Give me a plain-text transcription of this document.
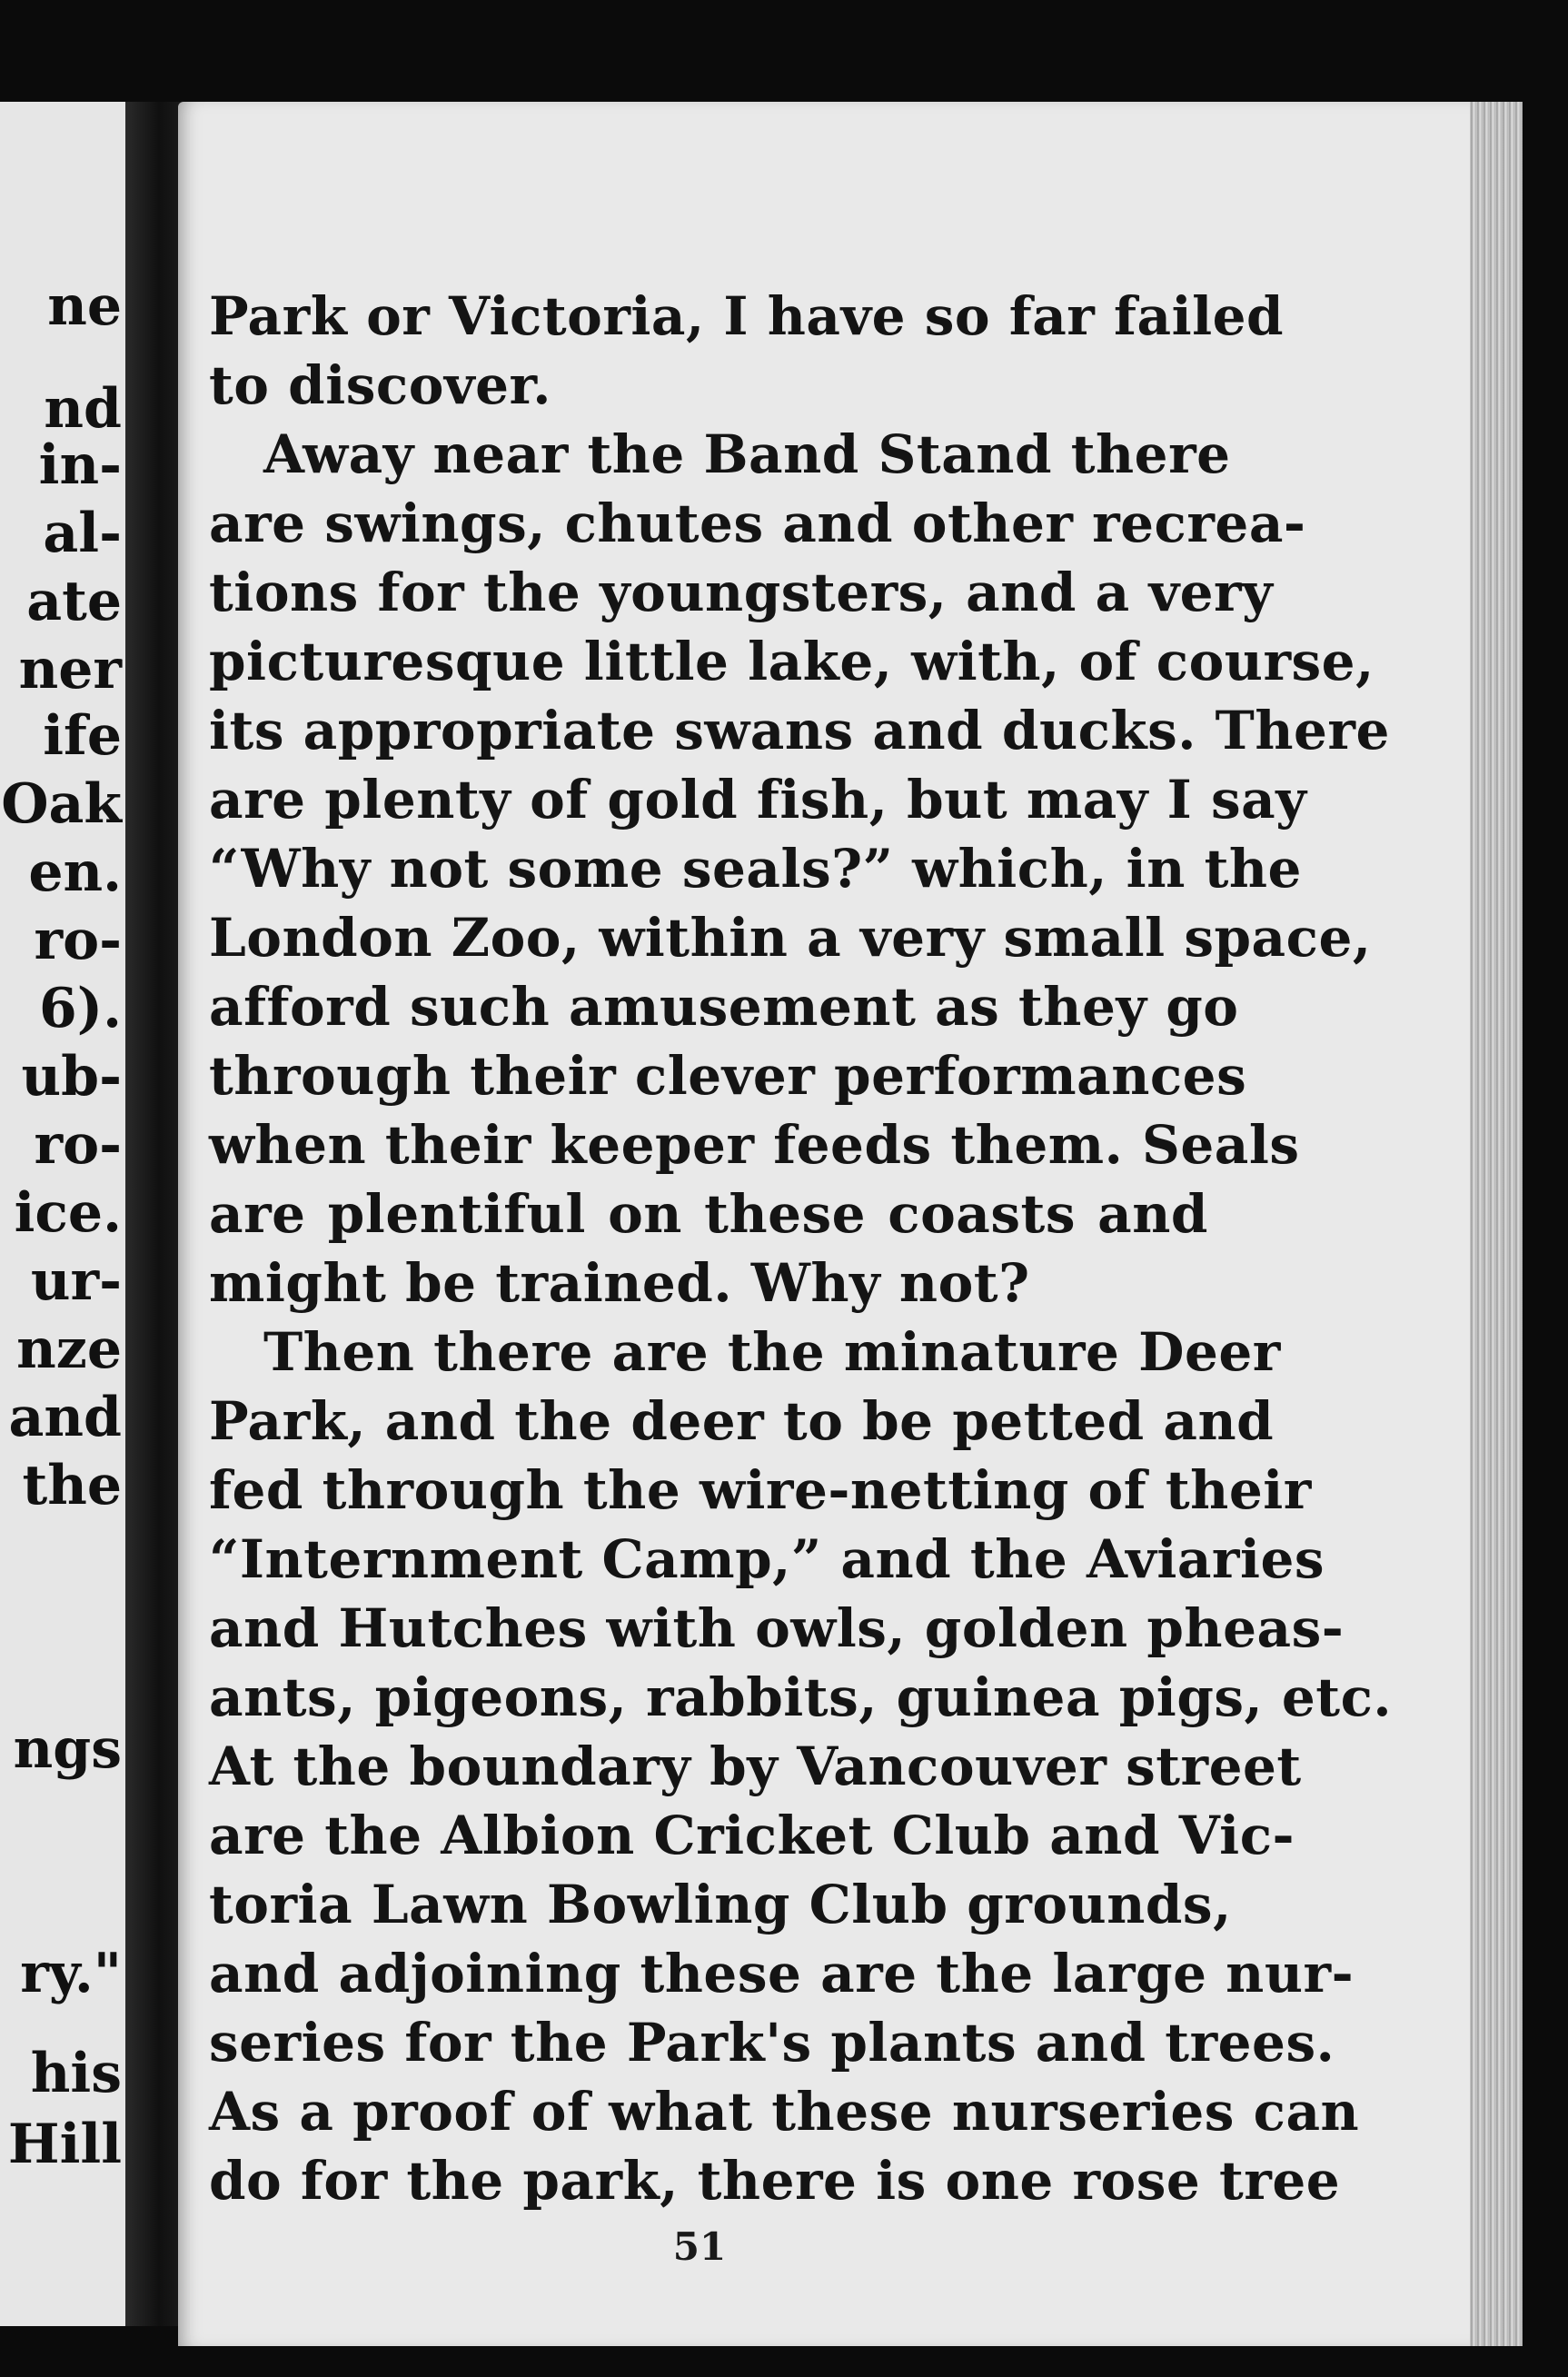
ne

nd

in-

al-

ate

ner

ife

Oak

en.

ro-

6).

ub-

ro-

ice.

ur-

nze

and

the

ngs

ry."

his

Hill

Park or Victoria, I have so far failed
to discover.
Away near the Band Stand there
are swings, chutes and other recrea-
tions for the youngsters, and a very
picturesque little lake, with, of course,
its appropriate swans and ducks. There
are plenty of gold fish, but may I say
“Why not some seals?” which, in the
London Zoo, within a very small space,
afford such amusement as they go
through their clever performances
when their keeper feeds them. Seals
are plentiful on these coasts and
might be trained. Why not?
Then there are the minature Deer
Park, and the deer to be petted and
fed through the wire-netting of their
“Internment Camp,” and the Aviaries
and Hutches with owls, golden pheas-
ants, pigeons, rabbits, guinea pigs, etc.
At the boundary by Vancouver street
are the Albion Cricket Club and Vic-
toria Lawn Bowling Club grounds,
and adjoining these are the large nur-
series for the Park's plants and trees.
As a proof of what these nurseries can
do for the park, there is one rose tree
51
